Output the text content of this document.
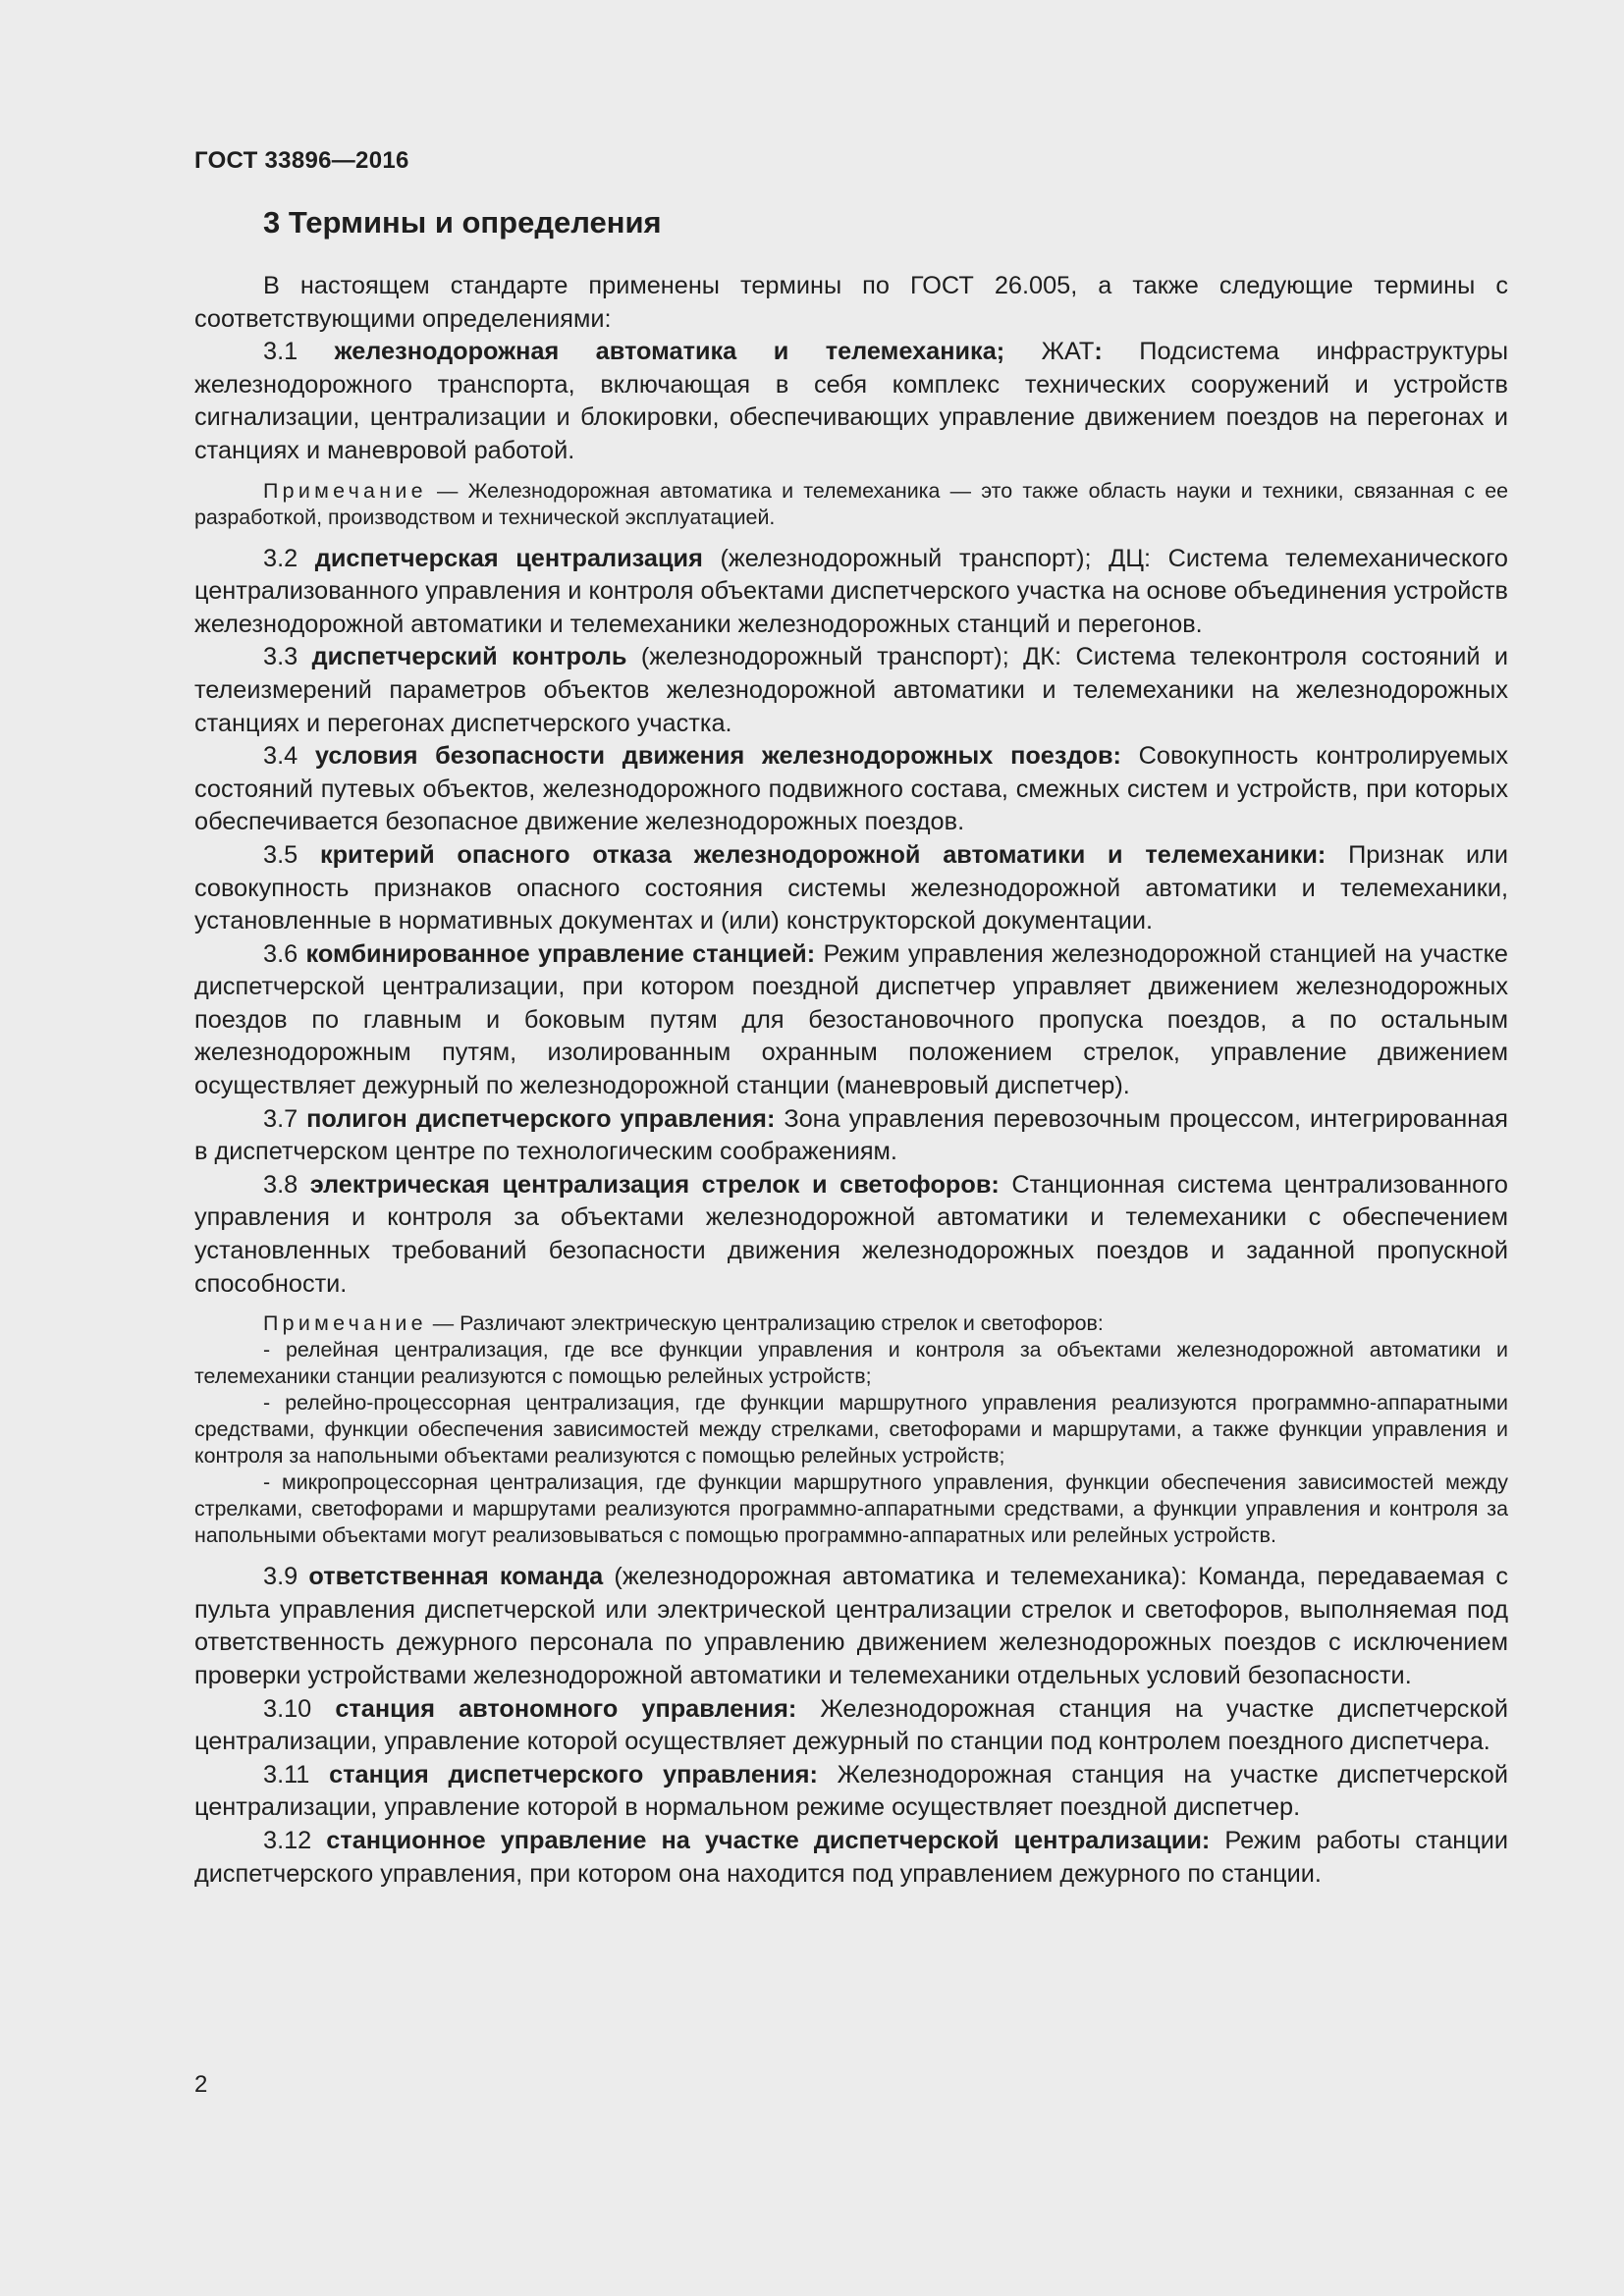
ГОСТ 33896—2016
3 Термины и определения

В настоящем стандарте применены термины по ГОСТ 26.005, а также следующие термины с соответствующими определениями:

3.1 железнодорожная автоматика и телемеханика; ЖАТ: Подсистема инфраструктуры железнодорожного транспорта, включающая в себя комплекс технических сооружений и устройств сигнализации, централизации и блокировки, обеспечивающих управление движением поездов на перегонах и станциях и маневровой работой.

Примечание — Железнодорожная автоматика и телемеханика — это также область науки и техники, связанная с ее разработкой, производством и технической эксплуатацией.

3.2 диспетчерская централизация (железнодорожный транспорт); ДЦ: Система телемеханического централизованного управления и контроля объектами диспетчерского участка на основе объединения устройств железнодорожной автоматики и телемеханики железнодорожных станций и перегонов.

3.3 диспетчерский контроль (железнодорожный транспорт); ДК: Система телеконтроля состояний и телеизмерений параметров объектов железнодорожной автоматики и телемеханики на железнодорожных станциях и перегонах диспетчерского участка.

3.4 условия безопасности движения железнодорожных поездов: Совокупность контролируемых состояний путевых объектов, железнодорожного подвижного состава, смежных систем и устройств, при которых обеспечивается безопасное движение железнодорожных поездов.

3.5 критерий опасного отказа железнодорожной автоматики и телемеханики: Признак или совокупность признаков опасного состояния системы железнодорожной автоматики и телемеханики, установленные в нормативных документах и (или) конструкторской документации.

3.6 комбинированное управление станцией: Режим управления железнодорожной станцией на участке диспетчерской централизации, при котором поездной диспетчер управляет движением железнодорожных поездов по главным и боковым путям для безостановочного пропуска поездов, а по остальным железнодорожным путям, изолированным охранным положением стрелок, управление движением осуществляет дежурный по железнодорожной станции (маневровый диспетчер).

3.7 полигон диспетчерского управления: Зона управления перевозочным процессом, интегрированная в диспетчерском центре по технологическим соображениям.

3.8 электрическая централизация стрелок и светофоров: Станционная система централизованного управления и контроля за объектами железнодорожной автоматики и телемеханики с обеспечением установленных требований безопасности движения железнодорожных поездов и заданной пропускной способности.

Примечание — Различают электрическую централизацию стрелок и светофоров:

- релейная централизация, где все функции управления и контроля за объектами железнодорожной автоматики и телемеханики станции реализуются с помощью релейных устройств;

- релейно-процессорная централизация, где функции маршрутного управления реализуются программно-аппаратными средствами, функции обеспечения зависимостей между стрелками, светофорами и маршрутами, а также функции управления и контроля за напольными объектами реализуются с помощью релейных устройств;

- микропроцессорная централизация, где функции маршрутного управления, функции обеспечения зависимостей между стрелками, светофорами и маршрутами реализуются программно-аппаратными средствами, а функции управления и контроля за напольными объектами могут реализовываться с помощью программно-аппаратных или релейных устройств.

3.9 ответственная команда (железнодорожная автоматика и телемеханика): Команда, передаваемая с пульта управления диспетчерской или электрической централизации стрелок и светофоров, выполняемая под ответственность дежурного персонала по управлению движением железнодорожных поездов с исключением проверки устройствами железнодорожной автоматики и телемеханики отдельных условий безопасности.

3.10 станция автономного управления: Железнодорожная станция на участке диспетчерской централизации, управление которой осуществляет дежурный по станции под контролем поездного диспетчера.

3.11 станция диспетчерского управления: Железнодорожная станция на участке диспетчерской централизации, управление которой в нормальном режиме осуществляет поездной диспетчер.

3.12 станционное управление на участке диспетчерской централизации: Режим работы станции диспетчерского управления, при котором она находится под управлением дежурного по станции.

2
